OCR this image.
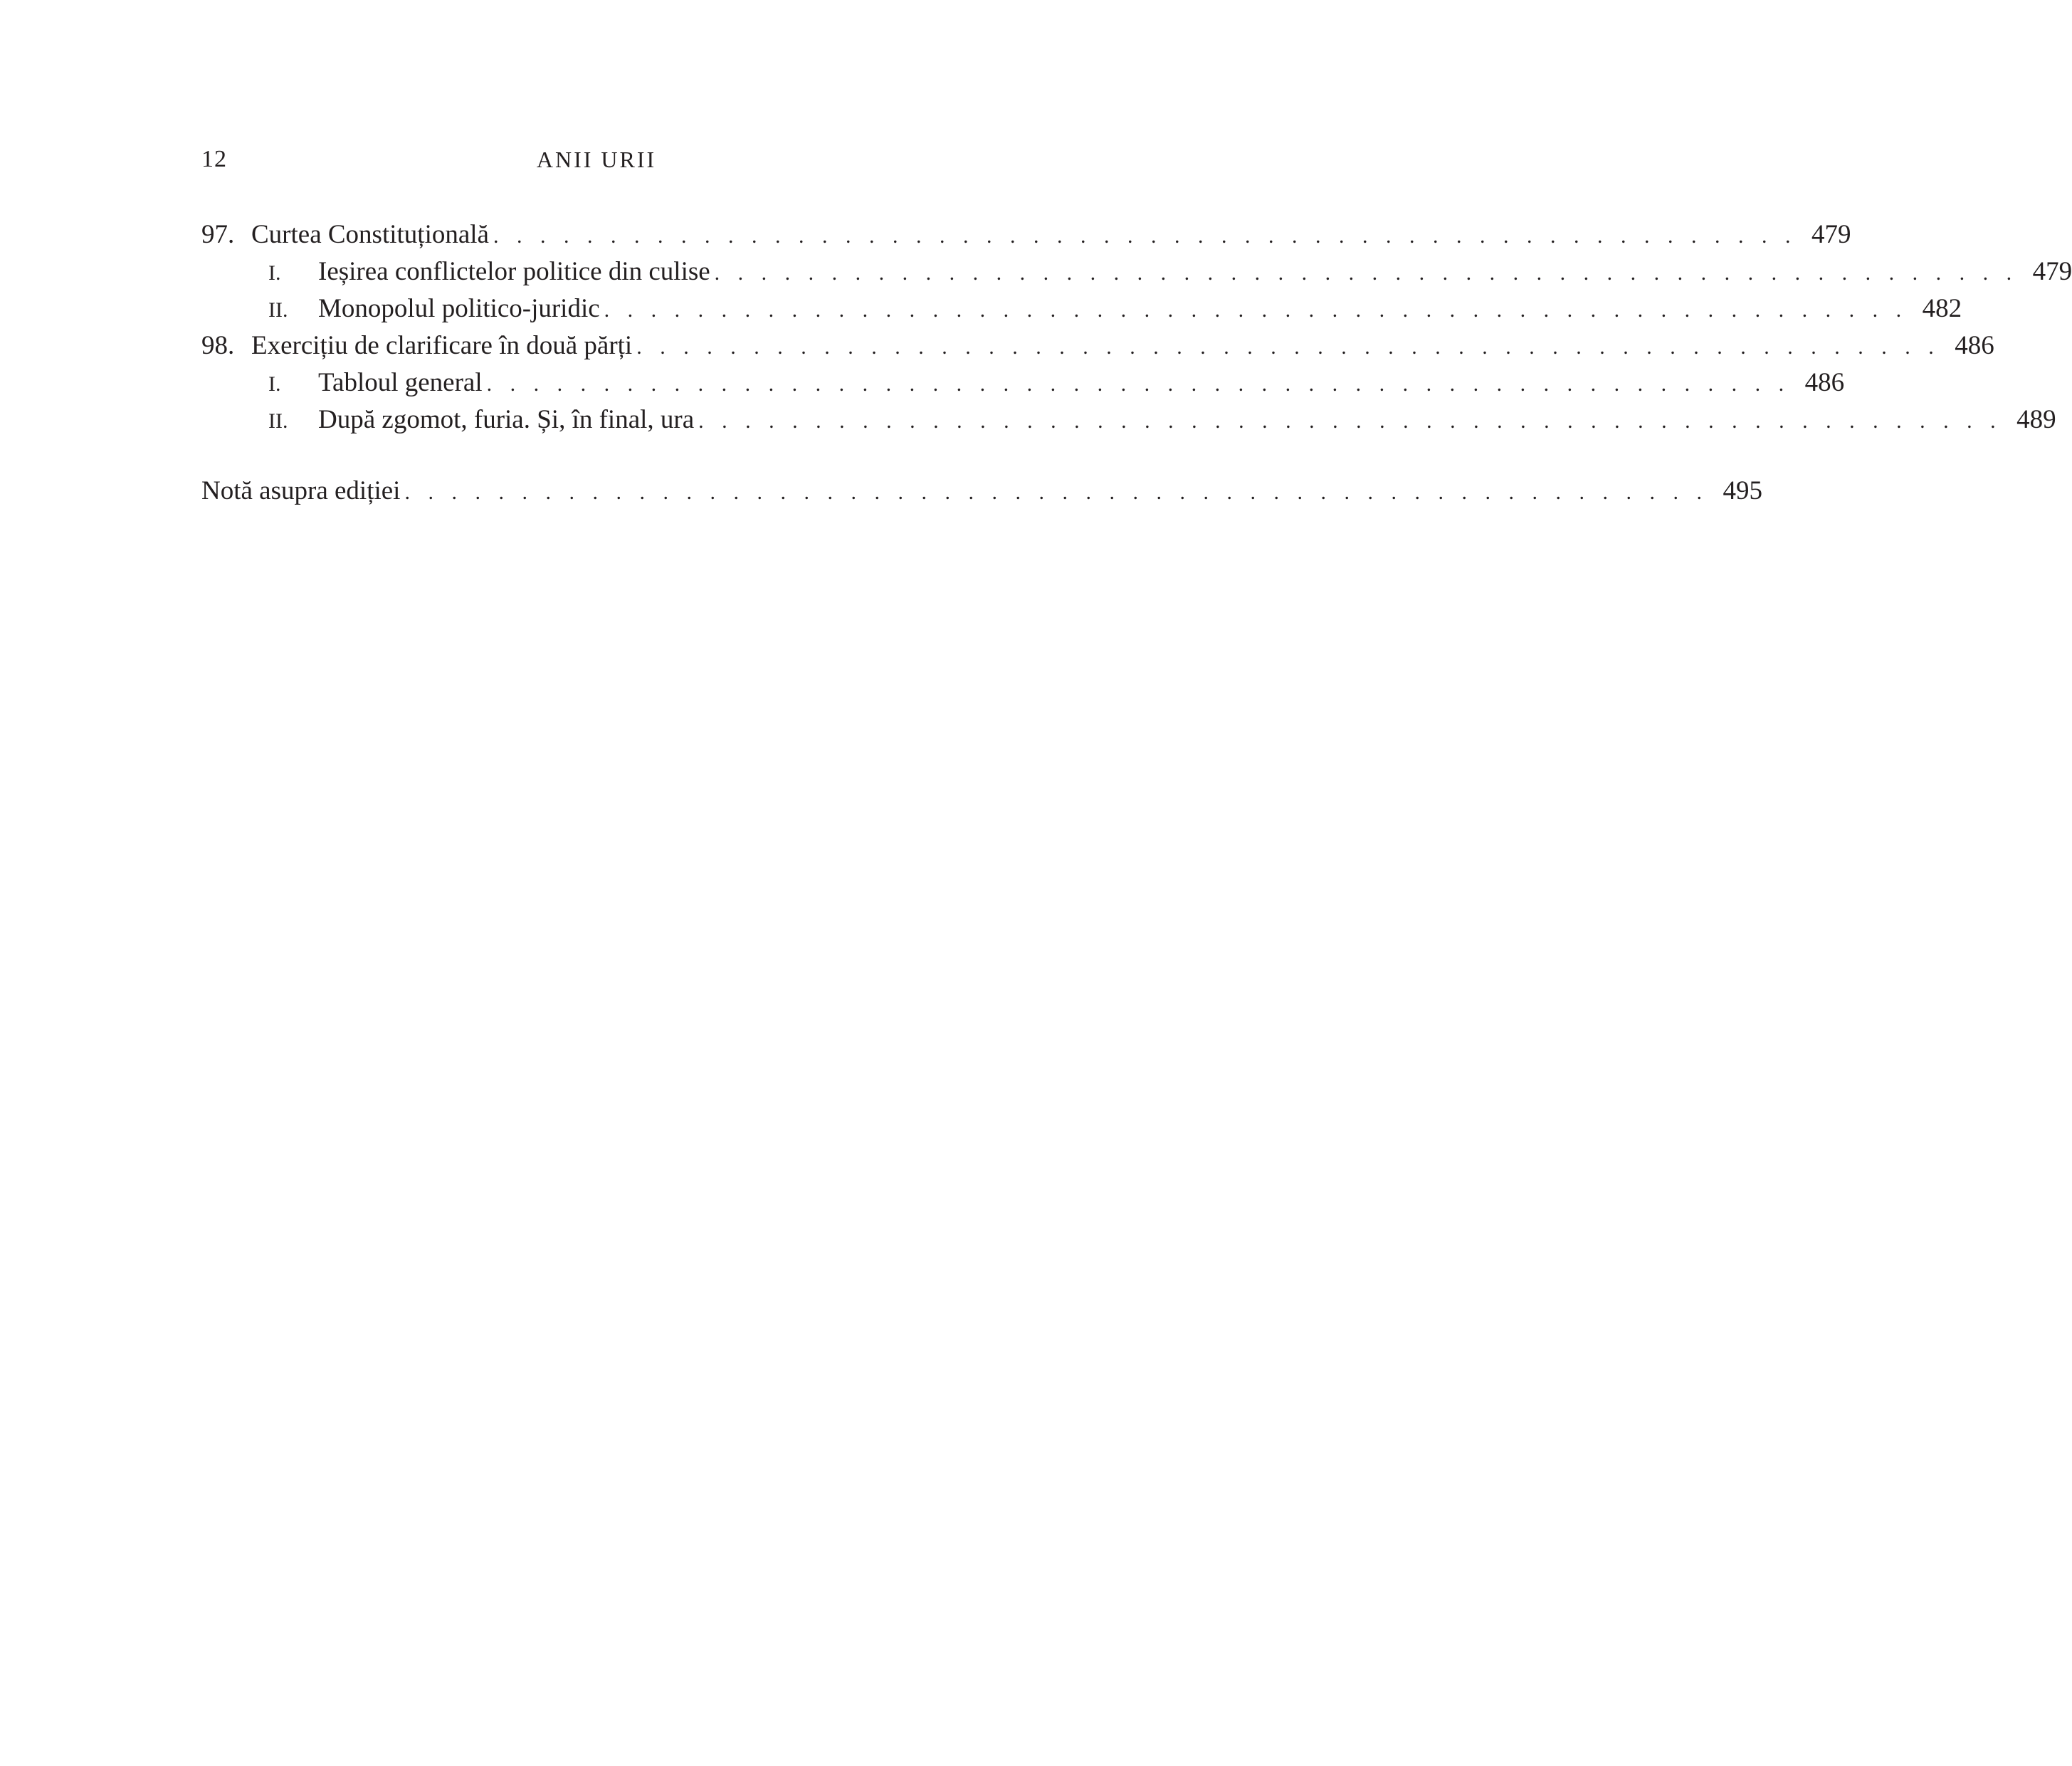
12	ANII URII
97. Curtea Constituțională . . . . . . . . . . . . . . . . . . . . . . . . . . . . . . . . . . . . . . . . . . . . . . . . . . . . . . . . 479
I.	Ieșirea conflictelor politice din culise . . . . . . . . . . . . . . . . . . . . . . . . . . . . . . . . . . . . . . . . . . . . . . . . . . . . . . . . 479
II.	Monopolul politico-juridic . . . . . . . . . . . . . . . . . . . . . . . . . . . . . . . . . . . . . . . . . . . . . . . . . . . . . . . . 482
98. Exercițiu de clarificare în două părți . . . . . . . . . . . . . . . . . . . . . . . . . . . . . . . . . . . . . . . . . . . . . . . . . . . . . . . . 486
I.	Tabloul general . . . . . . . . . . . . . . . . . . . . . . . . . . . . . . . . . . . . . . . . . . . . . . . . . . . . . . . . 486
II.	După zgomot, furia. Și, în final, ura . . . . . . . . . . . . . . . . . . . . . . . . . . . . . . . . . . . . . . . . . . . . . . . . . . . . . . . . 489
Notă asupra ediției . . . . . . . . . . . . . . . . . . . . . . . . . . . . . . . . . . . . . . . . . . . . . . . . . . . . . . . . 495
